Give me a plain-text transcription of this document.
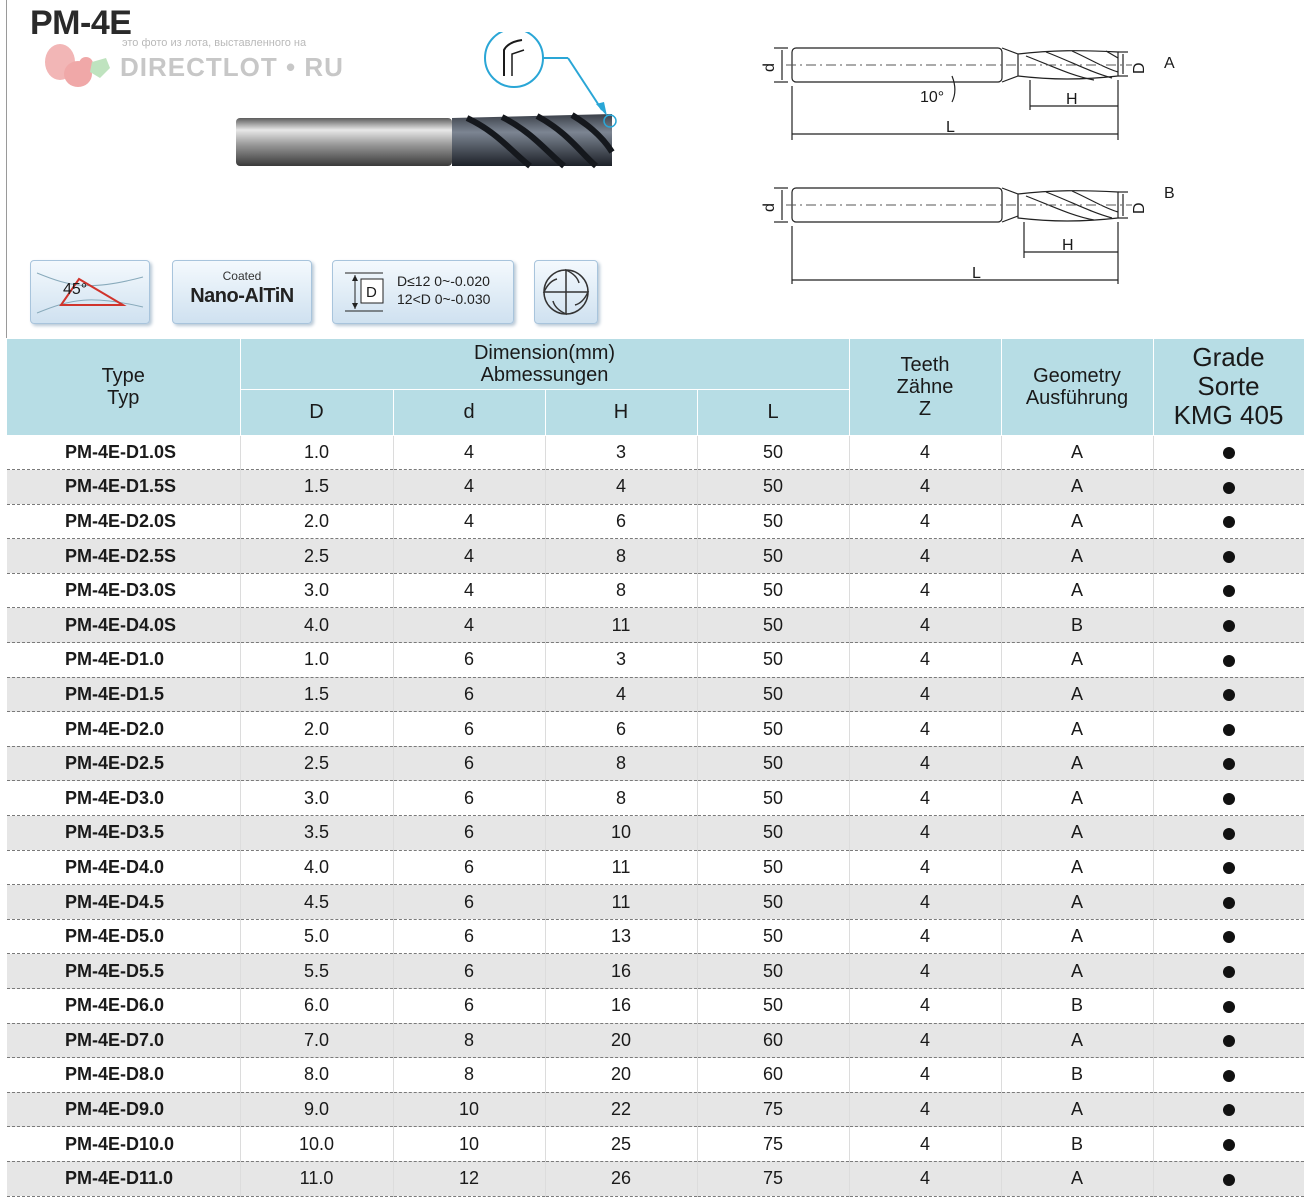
PM-4E
это фото из лота, выставленного на
DIRECTLOT • RU	d	D A
10°	H
L
d	D
B
H
L
45°
Coated
Nano-AlTiN	D
D≤12 0~-0.020
12<D 0~-0.030
Type
Typ	Dimension(mm)
Abmessungen				Teeth
Zähne
Z	Geometry
Ausführung	Grade
Sorte
KMG 405
	D	d	H	L			
PM-4E-D1.0S	1.0	4	3	50	4	A	
PM-4E-D1.5S	1.5	4	4	50	4	A	
PM-4E-D2.0S	2.0	4	6	50	4	A	
PM-4E-D2.5S	2.5	4	8	50	4	A	
PM-4E-D3.0S	3.0	4	8	50	4	A	
PM-4E-D4.0S	4.0	4	11	50	4	B	
PM-4E-D1.0	1.0	6	3	50	4	A	
PM-4E-D1.5	1.5	6	4	50	4	A	
PM-4E-D2.0	2.0	6	6	50	4	A	
PM-4E-D2.5	2.5	6	8	50	4	A	
PM-4E-D3.0	3.0	6	8	50	4	A	
PM-4E-D3.5	3.5	6	10	50	4	A	
PM-4E-D4.0	4.0	6	11	50	4	A	
PM-4E-D4.5	4.5	6	11	50	4	A	
PM-4E-D5.0	5.0	6	13	50	4	A	
PM-4E-D5.5	5.5	6	16	50	4	A	
PM-4E-D6.0	6.0	6	16	50	4	B	
PM-4E-D7.0	7.0	8	20	60	4	A	
PM-4E-D8.0	8.0	8	20	60	4	B	
PM-4E-D9.0	9.0	10	22	75	4	A	
PM-4E-D10.0	10.0	10	25	75	4	B	
PM-4E-D11.0	11.0	12	26	75	4	A	
